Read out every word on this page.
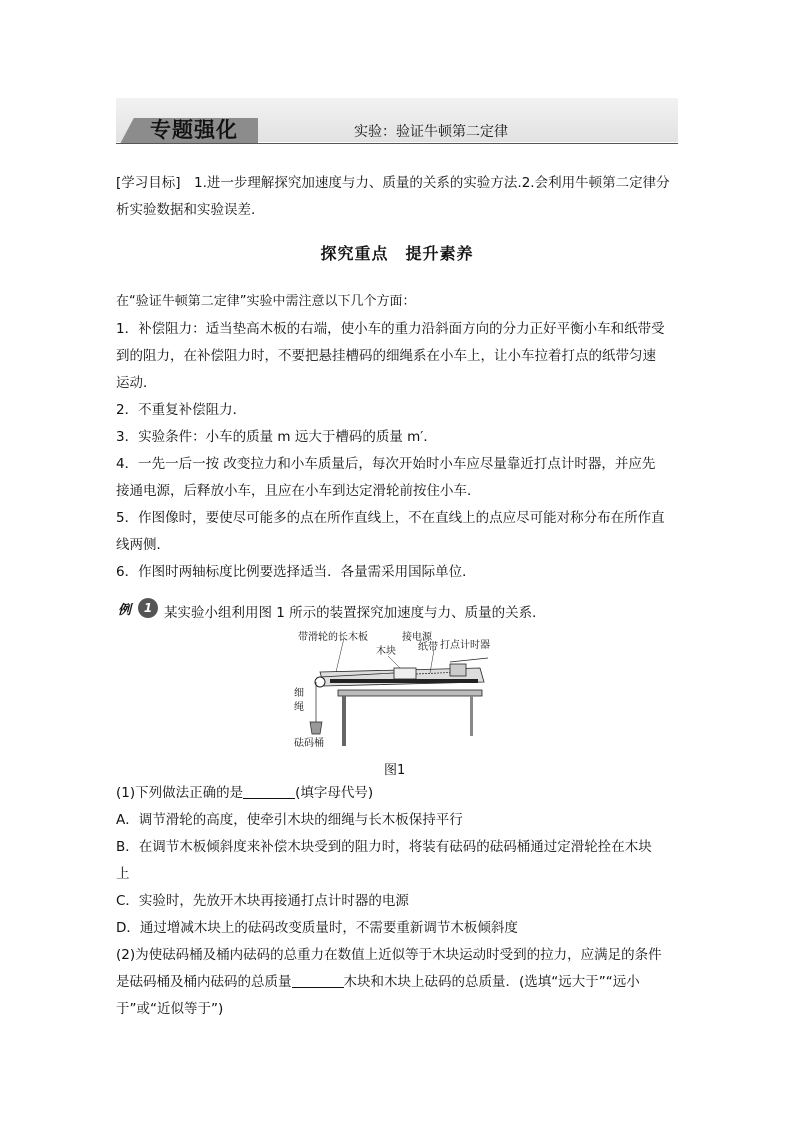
专题强化	实验：验证牛顿第二定律
[学习目标]　1.进一步理解探究加速度与力、质量的关系的实验方法.2.会利用牛顿第二定律分
析实验数据和实验误差.
探究重点　提升素养
在“验证牛顿第二定律”实验中需注意以下几个方面：
1．补偿阻力：适当垫高木板的右端，使小车的重力沿斜面方向的分力正好平衡小车和纸带受
到的阻力，在补偿阻力时，不要把悬挂槽码的细绳系在小车上，让小车拉着打点的纸带匀速
运动．
2．不重复补偿阻力．
3．实验条件：小车的质量 m 远大于槽码的质量 m′．
4．一先一后一按 改变拉力和小车质量后，每次开始时小车应尽量靠近打点计时器，并应先
接通电源，后释放小车，且应在小车到达定滑轮前按住小车．
5．作图像时，要使尽可能多的点在所作直线上，不在直线上的点应尽可能对称分布在所作直
线两侧．
6．作图时两轴标度比例要选择适当．各量需采用国际单位．
例	1 某实验小组利用图 1 所示的装置探究加速度与力、质量的关系．
带滑轮的长木板
木块 纸带
接电源
打点计时器
细
绳
砝码桶
图1
(1)下列做法正确的是	(填字母代号)
A．调节滑轮的高度，使牵引木块的细绳与长木板保持平行
B．在调节木板倾斜度来补偿木块受到的阻力时，将装有砝码的砝码桶通过定滑轮拴在木块
上
C．实验时，先放开木块再接通打点计时器的电源
D．通过增减木块上的砝码改变质量时，不需要重新调节木板倾斜度
(2)为使砝码桶及桶内砝码的总重力在数值上近似等于木块运动时受到的拉力，应满足的条件
是砝码桶及桶内砝码的总质量	木块和木块上砝码的总质量．(选填“远大于”“远小
于”或“近似等于”)
